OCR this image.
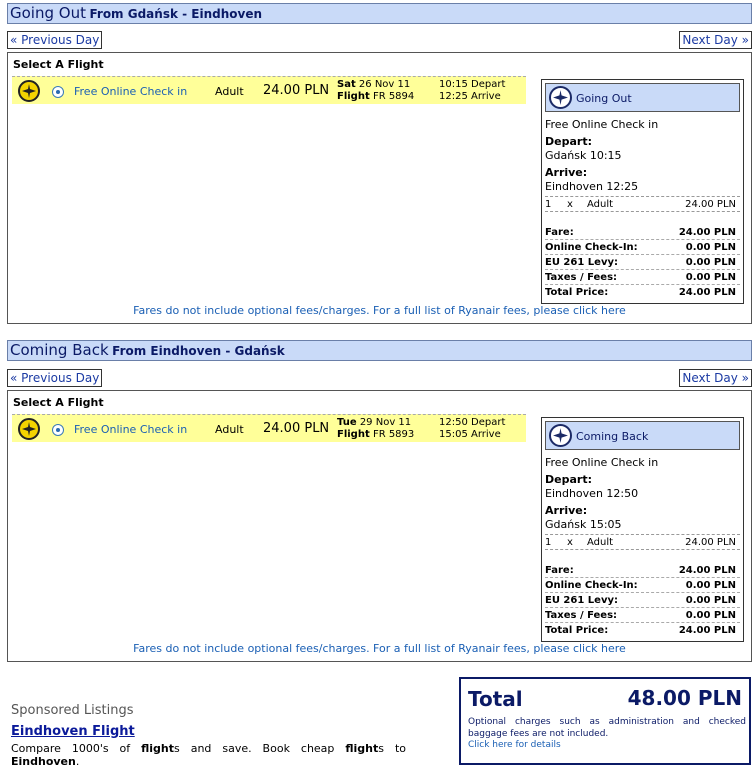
Going Out From Gdańsk - Eindhoven
« Previous Day	Next Day »
Select A Flight
Free Online Check in	Adult 24.00 PLN Sat 26 Nov 11
Flight FR 5894
10:15 Depart
12:25 Arrive	Going Out
Free Online Check in
Depart:
Gdańsk 10:15
Arrive:
Eindhoven 12:25
1 x Adult	24.00 PLN
Fare:	24.00 PLN
Online Check-In:	0.00 PLN
EU 261 Levy:	0.00 PLN
Taxes / Fees:	0.00 PLN
Total Price:	24.00 PLN
Fares do not include optional fees/charges. For a full list of Ryanair fees, please click here
Coming Back From Eindhoven - Gdańsk
« Previous Day	Next Day »
Select A Flight
Free Online Check in	Adult 24.00 PLN Tue 29 Nov 11
Flight FR 5893
12:50 Depart
15:05 Arrive	Coming Back
Free Online Check in
Depart:
Eindhoven 12:50
Arrive:
Gdańsk 15:05
1 x Adult	24.00 PLN
Fare:	24.00 PLN
Online Check-In:	0.00 PLN
EU 261 Levy:	0.00 PLN
Taxes / Fees:	0.00 PLN
Total Price:	24.00 PLN
Fares do not include optional fees/charges. For a full list of Ryanair fees, please click here
Sponsored Listings
Eindhoven Flight
Compare 1000's of flights and save. Book cheap flights to Eindhoven.
Total	48.00 PLN
Optional charges such as administration and checked baggage fees are not included.
Click here for details
